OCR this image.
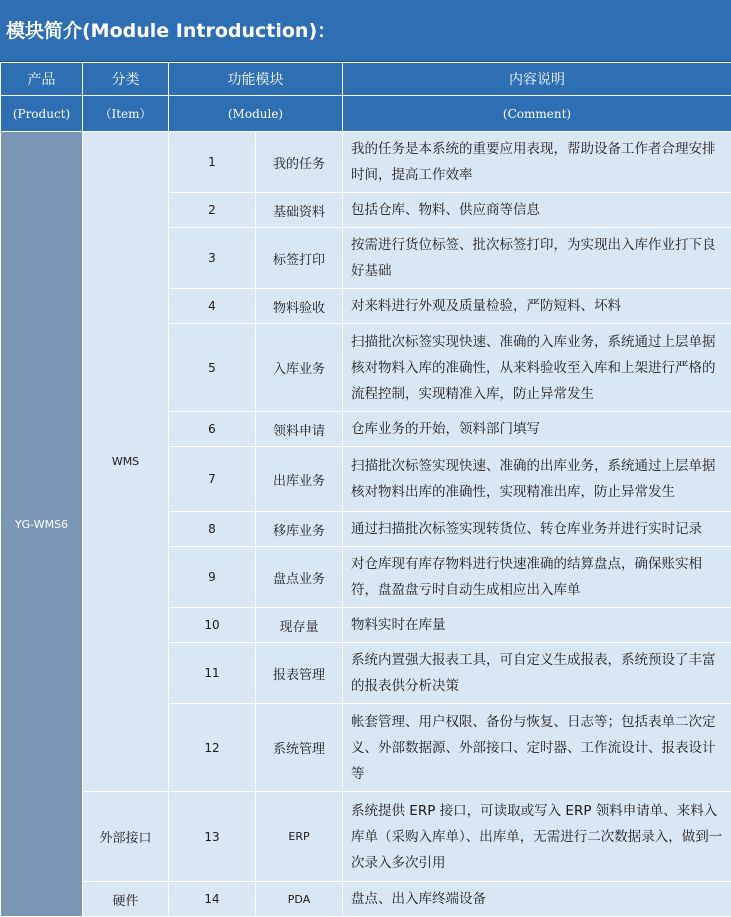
模块简介(Module Introduction)：
产品	分类	功能模块		内容说明
(Product)	（Item）	(Module)		(Comment)
YG-WMS6	WMS	1	我的任务	我的任务是本系统的重要应用表现，帮助设备工作者合理安排时间，提高工作效率
		2	基础资料	包括仓库、物料、供应商等信息
		3	标签打印	按需进行货位标签、批次标签打印，为实现出入库作业打下良好基础
		4	物料验收	对来料进行外观及质量检验，严防短料、坏料
		5	入库业务	扫描批次标签实现快速、准确的入库业务，系统通过上层单据核对物料入库的准确性，从来料验收至入库和上架进行严格的流程控制，实现精准入库，防止异常发生
		6	领料申请	仓库业务的开始，领料部门填写
		7	出库业务	扫描批次标签实现快速、准确的出库业务，系统通过上层单据核对物料出库的准确性，实现精准出库，防止异常发生
		8	移库业务	通过扫描批次标签实现转货位、转仓库业务并进行实时记录
		9	盘点业务	对仓库现有库存物料进行快速准确的结算盘点，确保账实相符，盘盈盘亏时自动生成相应出入库单
		10	现存量	物料实时在库量
		11	报表管理	系统内置强大报表工具，可自定义生成报表，系统预设了丰富的报表供分析决策
		12	系统管理	帐套管理、用户权限、备份与恢复、日志等；包括表单二次定义、外部数据源、外部接口、定时器、工作流设计、报表设计等
	外部接口	13	ERP	系统提供 ERP 接口，可读取或写入 ERP 领料申请单、来料入库单（采购入库单）、出库单，无需进行二次数据录入，做到一次录入多次引用
	硬件	14	PDA	盘点、出入库终端设备
